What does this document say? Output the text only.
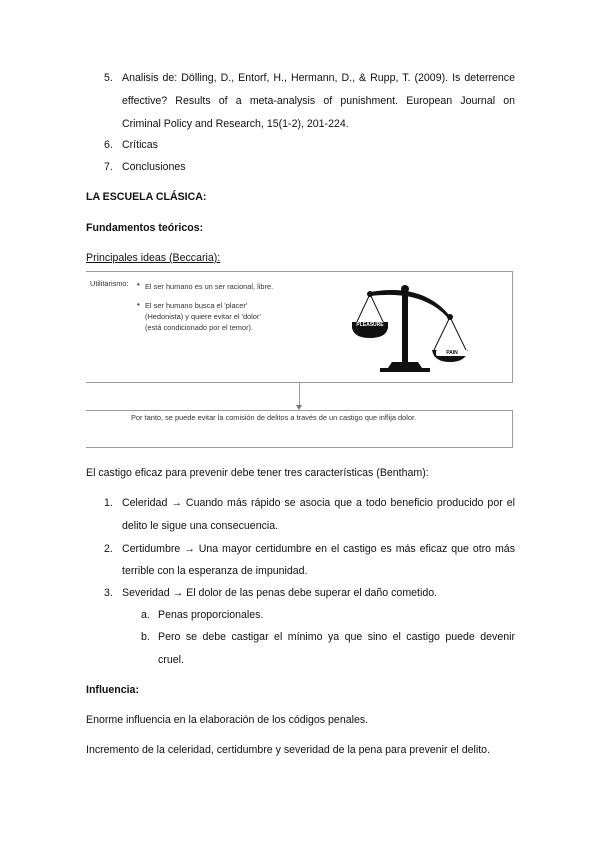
5. Analisis de: Dölling, D., Entorf, H., Hermann, D., & Rupp, T. (2009). Is deterrence
effective? Results of a meta-analysis of punishment. European Journal on
Criminal Policy and Research, 15(1-2), 201-224.
6. Críticas
7. Conclusiones
LA ESCUELA CLÁSICA:
Fundamentos teóricos:
Principales ideas (Beccaria):
Utilitarismo: • El ser humano es un ser racional, libre.
• El ser humano busca el 'placer'
(Hedonista) y quiere evitar el 'dolor'
(está condicionado por el temor).	PLEASURE
PAIN
Por tanto, se puede evitar la comisión de delitos a través de un castigo que inflija dolor.
El castigo eficaz para prevenir debe tener tres características (Bentham):
1. Celeridad → Cuando más rápido se asocia que a todo beneficio producido por el
delito le sigue una consecuencia.
2. Certidumbre → Una mayor certidumbre en el castigo es más eficaz que otro más
terrible con la esperanza de impunidad.
3. Severidad → El dolor de las penas debe superar el daño cometido.
a. Penas proporcionales.
b. Pero se debe castigar el mínimo ya que sino el castigo puede devenir
cruel.
Influencia:
Enorme influencia en la elaboración de los códigos penales.
Incremento de la celeridad, certidumbre y severidad de la pena para prevenir el delito.
